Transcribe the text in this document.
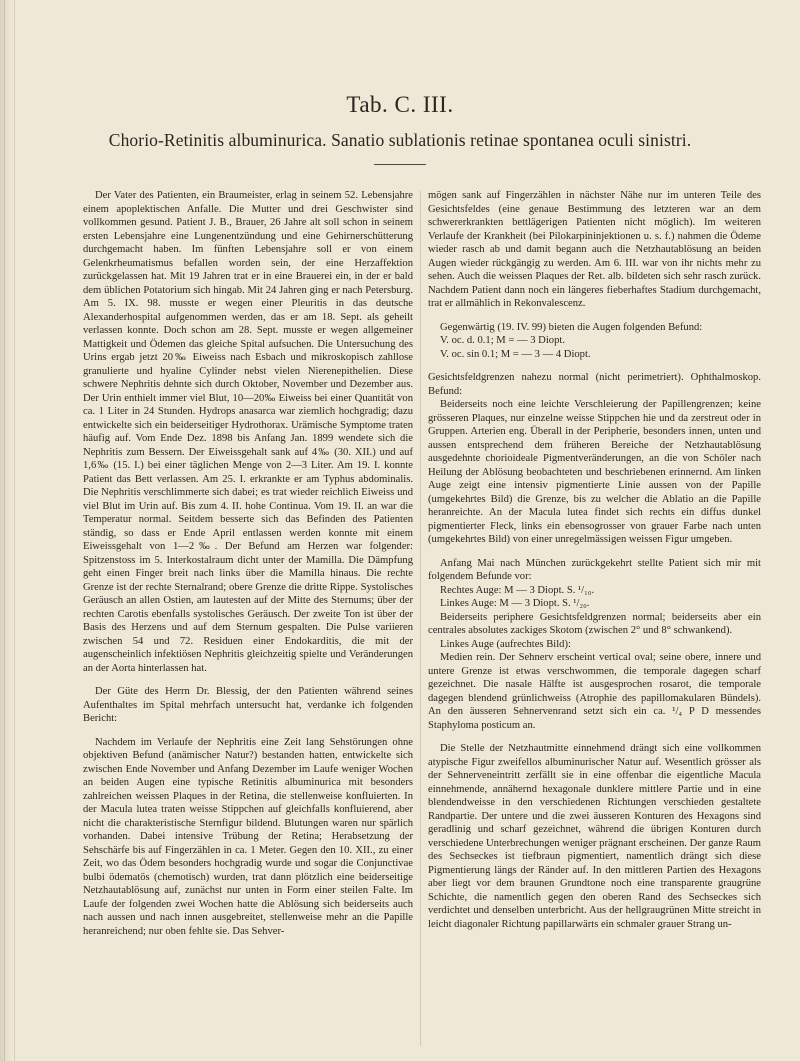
Tab. C. III.
Chorio-Retinitis albuminurica. Sanatio sublationis retinae spontanea oculi sinistri.

Der Vater des Patienten, ein Braumeister, erlag in seinem 52. Lebensjahre einem apoplektischen Anfalle. Die Mutter und drei Geschwister sind vollkommen gesund. Patient J. B., Brauer, 26 Jahre alt soll schon in seinem ersten Lebensjahre eine Lungenentzündung und eine Gehirnerschütterung durchgemacht haben. Im fünften Lebensjahre soll er von einem Gelenkrheumatismus befallen worden sein, der eine Herzaffektion zurückgelassen hat. Mit 19 Jahren trat er in eine Brauerei ein, in der er bald dem üblichen Potatorium sich hingab. Mit 24 Jahren ging er nach Petersburg. Am 5. IX. 98. musste er wegen einer Pleuritis in das deutsche Alexanderhospital aufgenommen werden, das er am 18. Sept. als geheilt verlassen konnte. Doch schon am 28. Sept. musste er wegen allgemeiner Mattigkeit und Ödemen das gleiche Spital aufsuchen. Die Untersuchung des Urins ergab jetzt 20‰ Eiweiss nach Esbach und mikroskopisch zahllose granulierte und hyaline Cylinder nebst vielen Nierenepithelien. Diese schwere Nephritis dehnte sich durch Oktober, November und Dezember aus. Der Urin enthielt immer viel Blut, 10—20‰ Eiweiss bei einer Quantität von ca. 1 Liter in 24 Stunden. Hydrops anasarca war ziemlich hochgradig; dazu entwickelte sich ein beiderseitiger Hydrothorax. Urämische Symptome traten häufig auf. Vom Ende Dez. 1898 bis Anfang Jan. 1899 wendete sich die Nephritis zum Bessern. Der Eiweissgehalt sank auf 4‰ (30. XII.) und auf 1,6‰ (15. I.) bei einer täglichen Menge von 2—3 Liter. Am 19. I. konnte Patient das Bett verlassen. Am 25. I. erkrankte er am Typhus abdominalis. Die Nephritis verschlimmerte sich dabei; es trat wieder reichlich Eiweiss und viel Blut im Urin auf. Bis zum 4. II. hohe Continua. Vom 19. II. an war die Temperatur normal. Seitdem besserte sich das Befinden des Patienten ständig, so dass er Ende April entlassen werden konnte mit einem Eiweissgehalt von 1—2‰. Der Befund am Herzen war folgender: Spitzenstoss im 5. Interkostalraum dicht unter der Mamilla. Die Dämpfung geht einen Finger breit nach links über die Mamilla hinaus. Die rechte Grenze ist der rechte Sternalrand; obere Grenze die dritte Rippe. Systolisches Geräusch an allen Ostien, am lautesten auf der Mitte des Sternums; über der rechten Carotis ebenfalls systolisches Geräusch. Der zweite Ton ist über der Basis des Herzens und auf dem Sternum gespalten. Die Pulse variieren zwischen 54 und 72. Residuen einer Endokarditis, die mit der augenscheinlich infektiösen Nephritis gleichzeitig spielte und Veränderungen an der Aorta hinterlassen hat.

Der Güte des Herrn Dr. Blessig, der den Patienten während seines Aufenthaltes im Spital mehrfach untersucht hat, verdanke ich folgenden Bericht:

Nachdem im Verlaufe der Nephritis eine Zeit lang Sehstörungen ohne objektiven Befund (anämischer Natur?) bestanden hatten, entwickelte sich zwischen Ende November und Anfang Dezember im Laufe weniger Wochen an beiden Augen eine typische Retinitis albuminurica mit besonders zahlreichen weissen Plaques in der Retina, die stellenweise konfluierten. In der Macula lutea traten weisse Stippchen auf gleichfalls konfluierend, aber nicht die charakteristische Sternfigur bildend. Blutungen waren nur spärlich vorhanden. Dabei intensive Trübung der Retina; Herabsetzung der Sehschärfe bis auf Fingerzählen in ca. 1 Meter. Gegen den 10. XII., zu einer Zeit, wo das Ödem besonders hochgradig wurde und sogar die Conjunctivae bulbi ödematös (chemotisch) wurden, trat dann plötzlich eine beiderseitige Netzhautablösung auf, zunächst nur unten in Form einer steilen Falte. Im Laufe der folgenden zwei Wochen hatte die Ablösung sich beiderseits auch nach aussen und nach innen ausgebreitet, stellenweise mehr an die Papille heranreichend; nur oben fehlte sie. Das Sehver-

mögen sank auf Fingerzählen in nächster Nähe nur im unteren Teile des Gesichtsfeldes (eine genaue Bestimmung des letzteren war an dem schwererkrankten bettlägerigen Patienten nicht möglich). Im weiteren Verlaufe der Krankheit (bei Pilokarpininjektionen u. s. f.) nahmen die Ödeme wieder rasch ab und damit begann auch die Netzhautablösung an beiden Augen wieder rückgängig zu werden. Am 6. III. war von ihr nichts mehr zu sehen. Auch die weissen Plaques der Ret. alb. bildeten sich sehr rasch zurück. Nachdem Patient dann noch ein längeres fieberhaftes Stadium durchgemacht, trat er allmählich in Rekonvalescenz.

Gegenwärtig (19. IV. 99) bieten die Augen folgenden Befund:

V. oc. d. 0.1; M = — 3 Diopt.

V. oc. sin 0.1; M = — 3 — 4 Diopt.

Gesichtsfeldgrenzen nahezu normal (nicht perimetriert). Ophthalmoskop. Befund:

Beiderseits noch eine leichte Verschleierung der Papillengrenzen; keine grösseren Plaques, nur einzelne weisse Stippchen hie und da zerstreut oder in Gruppen. Arterien eng. Überall in der Peripherie, besonders innen, unten und aussen entsprechend dem früheren Bereiche der Netzhautablösung ausgedehnte chorioideale Pigmentveränderungen, an die von Schöler nach Heilung der Ablösung beobachteten und beschriebenen erinnernd. Am linken Auge zeigt eine intensiv pigmentierte Linie aussen von der Papille (umgekehrtes Bild) die Grenze, bis zu welcher die Ablatio an die Papille heranreichte. An der Macula lutea findet sich rechts ein diffus dunkel pigmentierter Fleck, links ein ebensogrosser von grauer Farbe nach unten (umgekehrtes Bild) von einer unregelmässigen weissen Figur umgeben.

Anfang Mai nach München zurückgekehrt stellte Patient sich mir mit folgendem Befunde vor:

Rechtes Auge: M — 3 Diopt. S. ¹/₁₀.

Linkes Auge: M — 3 Diopt. S. ¹/₂₀.

Beiderseits periphere Gesichtsfeldgrenzen normal; beiderseits aber ein centrales absolutes zackiges Skotom (zwischen 2° und 8° schwankend).

Linkes Auge (aufrechtes Bild):

Medien rein. Der Sehnerv erscheint vertical oval; seine obere, innere und untere Grenze ist etwas verschwommen, die temporale dagegen scharf gezeichnet. Die nasale Hälfte ist ausgesprochen rosarot, die temporale dagegen blendend grünlichweiss (Atrophie des papillomakularen Bündels). An den äusseren Sehnervenrand setzt sich ein ca. ¹/₄ P D messendes Staphyloma posticum an.

Die Stelle der Netzhautmitte einnehmend drängt sich eine vollkommen atypische Figur zweifellos albuminurischer Natur auf. Wesentlich grösser als der Sehnerveneintritt zerfällt sie in eine offenbar die eigentliche Macula einnehmende, annähernd hexagonale dunklere mittlere Partie und in eine blendendweisse in den verschiedenen Richtungen verschieden gestaltete Randpartie. Der untere und die zwei äusseren Konturen des Hexagons sind geradlinig und scharf gezeichnet, während die übrigen Konturen durch verschiedene Unterbrechungen weniger prägnant erscheinen. Der ganze Raum des Sechseckes ist tiefbraun pigmentiert, namentlich drängt sich diese Pigmentierung längs der Ränder auf. In den mittleren Partien des Hexagons aber liegt vor dem braunen Grundtone noch eine transparente graugrüne Schichte, die namentlich gegen den oberen Rand des Sechseckes sich verdichtet und denselben unterbricht. Aus der hellgraugrünen Mitte streicht in leicht diagonaler Richtung papillarwärts ein schmaler grauer Strang un-
